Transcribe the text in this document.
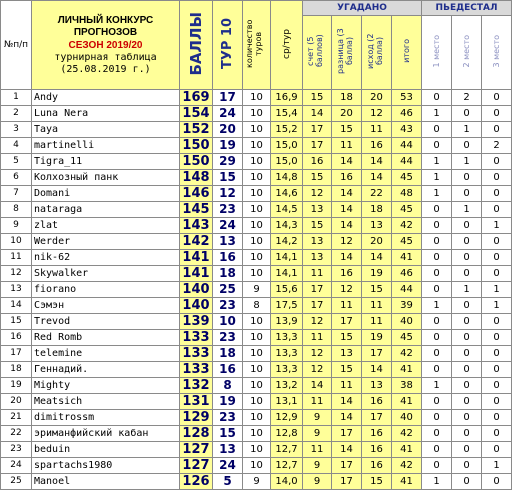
№п/п	ЛИЧНЫЙ КОНКУРС
ПРОГНОЗОВ
СЕЗОН 2019/20
турнирная таблица
(25.08.2019 г.)	БАЛЛЫ	ТУР 10	количество туров	ср/тур	УГАДАНО				ПЬЕДЕСТАЛ		
						счет (5 баллов)	разница (3 балла)	исход (2 балла)	итого	1 место	2 место	3 место
1	Andy	169	17	10	16,9	15	18	20	53	0	2	0
2	Luna Nera	154	24	10	15,4	14	20	12	46	1	0	0
3	Taya	152	20	10	15,2	17	15	11	43	0	1	0
4	martinelli	150	19	10	15,0	17	11	16	44	0	0	2
5	Tigra_11	150	29	10	15,0	16	14	14	44	1	1	0
6	Колхозный панк	148	15	10	14,8	15	16	14	45	1	0	0
7	Domani	146	12	10	14,6	12	14	22	48	1	0	0
8	nataraga	145	23	10	14,5	13	14	18	45	0	1	0
9	zlat	143	24	10	14,3	15	14	13	42	0	0	1
10	Werder	142	13	10	14,2	13	12	20	45	0	0	0
11	nik-62	141	16	10	14,1	13	14	14	41	0	0	0
12	Skywalker	141	18	10	14,1	11	16	19	46	0	0	0
13	fiorano	140	25	9	15,6	17	12	15	44	0	1	1
14	Сэмэн	140	23	8	17,5	17	11	11	39	1	0	1
15	Trevod	139	10	10	13,9	12	17	11	40	0	0	0
16	Red Romb	133	23	10	13,3	11	15	19	45	0	0	0
17	telemine	133	18	10	13,3	12	13	17	42	0	0	0
18	Геннадий.	133	16	10	13,3	12	15	14	41	0	0	0
19	Mighty	132	8	10	13,2	14	11	13	38	1	0	0
20	Meatsich	131	19	10	13,1	11	14	16	41	0	0	0
21	dimitrossm	129	23	10	12,9	9	14	17	40	0	0	0
22	эриманфийский кабан	128	15	10	12,8	9	17	16	42	0	0	0
23	beduin	127	13	10	12,7	11	14	16	41	0	0	0
24	spartachs1980	127	24	10	12,7	9	17	16	42	0	0	1
25	Manoel	126	5	9	14,0	9	17	15	41	1	0	0
